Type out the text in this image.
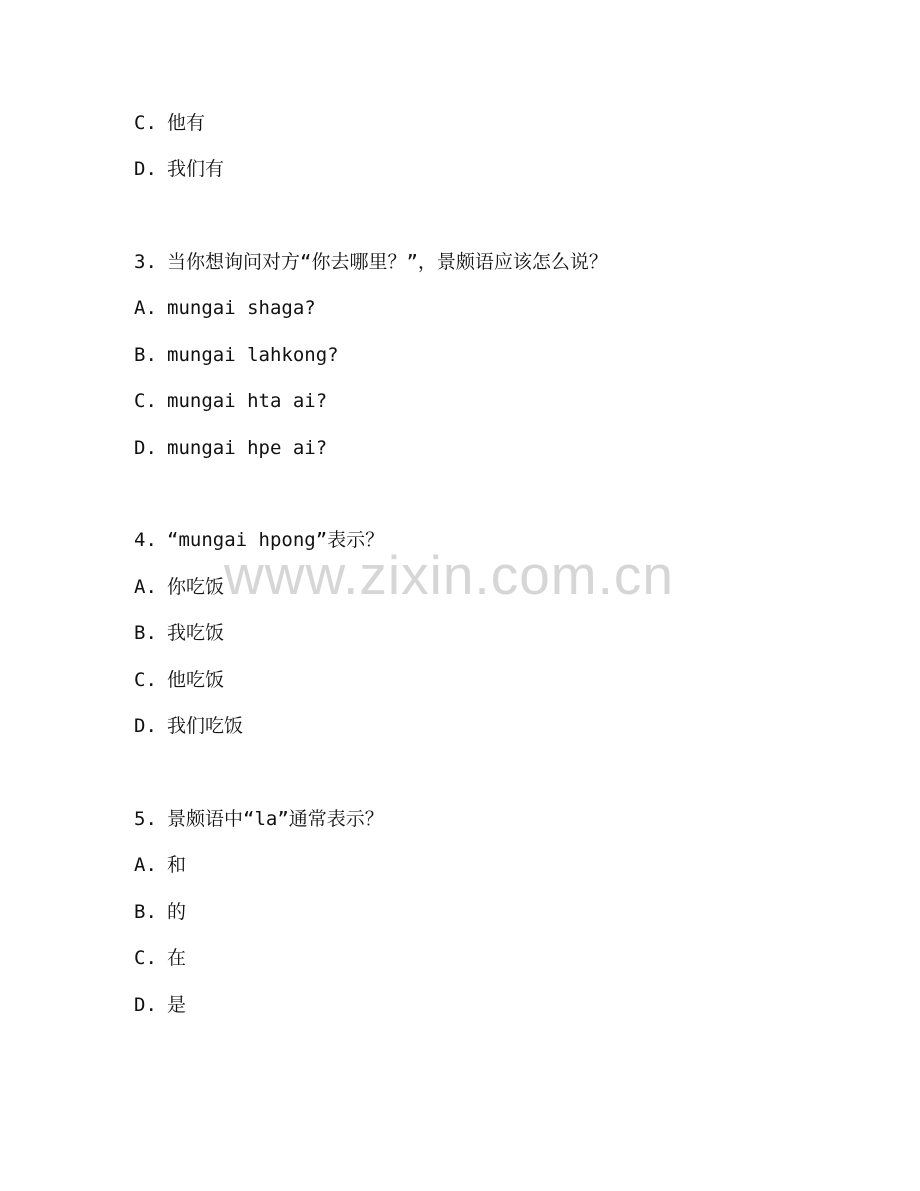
www.zixin.com.cn
C. 他有
D. 我们有
3. 当你想询问对方“你去哪里？”，景颇语应该怎么说？
A. mungai shaga?
B. mungai lahkong?
C. mungai hta ai?
D. mungai hpe ai?
4. “mungai hpong”表示？
A. 你吃饭
B. 我吃饭
C. 他吃饭
D. 我们吃饭
5. 景颇语中“la”通常表示？
A. 和
B. 的
C. 在
D. 是
